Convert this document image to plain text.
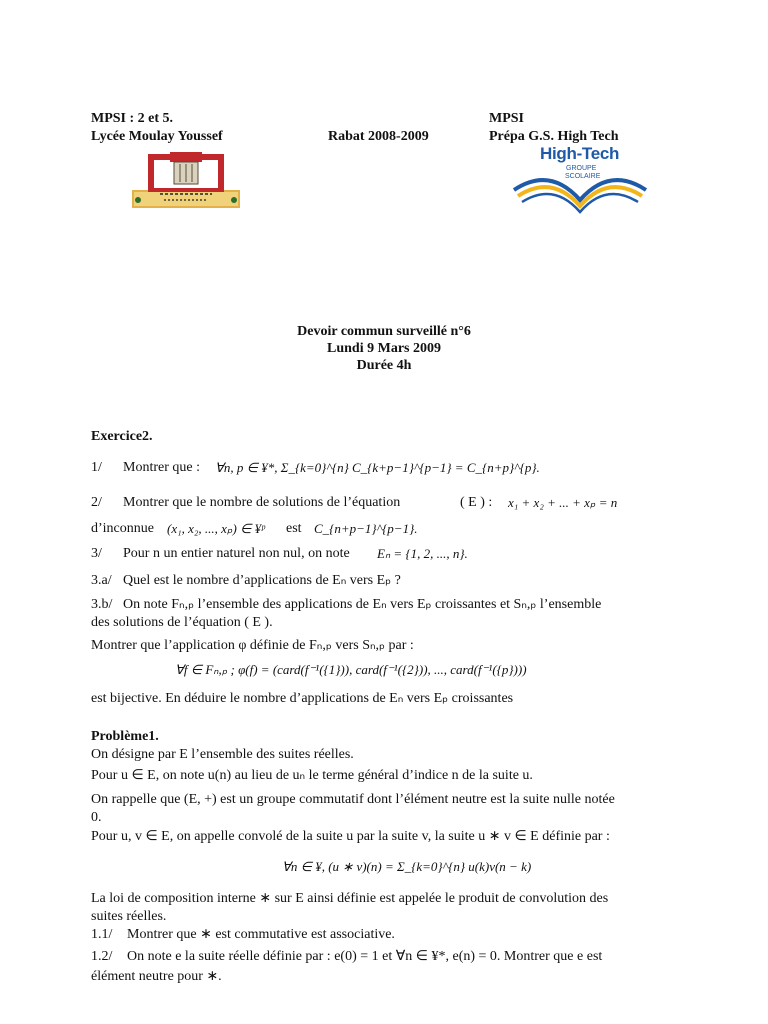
MPSI : 2 et 5.
Lycée Moulay Youssef	Rabat 2008-2009
MPSI
Prépa G.S. High Tech
High-Tech
GROUPE
SCOLAIRE
Devoir commun surveillé n°6
Lundi 9 Mars 2009
Durée 4h
Exercice2.
1/ Montrer que : ∀n, p ∈ ¥*, Σ_{k=0}^{n} C_{k+p−1}^{p−1} = C_{n+p}^{p}.
2/ Montrer que le nombre de solutions de l’équation	( E ) : x₁ + x₂ + ... + xₚ = n
d’inconnue (x₁, x₂, ..., xₚ) ∈ ¥ᵖ est C_{n+p−1}^{p−1}.
3/ Pour n un entier naturel non nul, on note Eₙ = {1, 2, ..., n}.
3.a/ Quel est le nombre d’applications de Eₙ vers Eₚ ?
3.b/ On note Fₙ,ₚ l’ensemble des applications de Eₙ vers Eₚ croissantes et Sₙ,ₚ l’ensemble
des solutions de l’équation ( E ).
Montrer que l’application φ définie de Fₙ,ₚ vers Sₙ,ₚ par :
∀f ∈ Fₙ,ₚ ; φ(f) = (card(f⁻¹({1})), card(f⁻¹({2})), ..., card(f⁻¹({p})))
est bijective. En déduire le nombre d’applications de Eₙ vers Eₚ croissantes
Problème1.
On désigne par E l’ensemble des suites réelles.
Pour u ∈ E, on note u(n) au lieu de uₙ le terme général d’indice n de la suite u.
On rappelle que (E, +) est un groupe commutatif dont l’élément neutre est la suite nulle notée
0.
Pour u, v ∈ E, on appelle convolé de la suite u par la suite v, la suite u ∗ v ∈ E définie par :
∀n ∈ ¥, (u ∗ v)(n) = Σ_{k=0}^{n} u(k)v(n − k)
La loi de composition interne ∗ sur E ainsi définie est appelée le produit de convolution des
suites réelles.
1.1/ Montrer que ∗ est commutative est associative.
1.2/ On note e la suite réelle définie par : e(0) = 1 et ∀n ∈ ¥*, e(n) = 0. Montrer que e est
élément neutre pour ∗.
